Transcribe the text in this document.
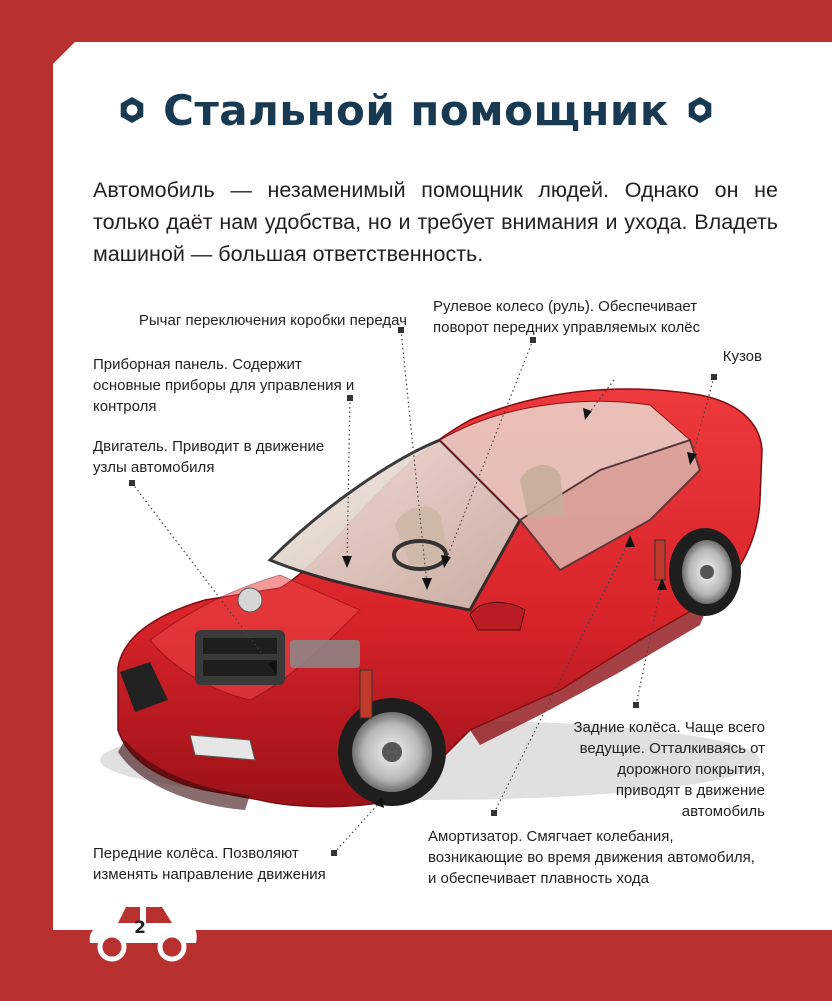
Стальной помощник
Автомобиль — незаменимый помощник людей. Однако он не только даёт нам удобства, но и требует внимания и ухода. Владеть машиной — большая ответственность.
Рычаг переключения коробки передач
Рулевое колесо (руль). Обеспечивает поворот передних управляемых колёс
Приборная панель. Содержит основные приборы для управления и контроля
Кузов
Двигатель. Приводит в движение узлы автомобиля
Задние колёса. Чаще всего ведущие. Отталкиваясь от дорожного покрытия, приводят в движение автомобиль
Амортизатор. Смягчает колебания, возникающие во время движения автомобиля, и обеспечивает плавность хода
Передние колёса. Позволяют изменять направление движения
2
